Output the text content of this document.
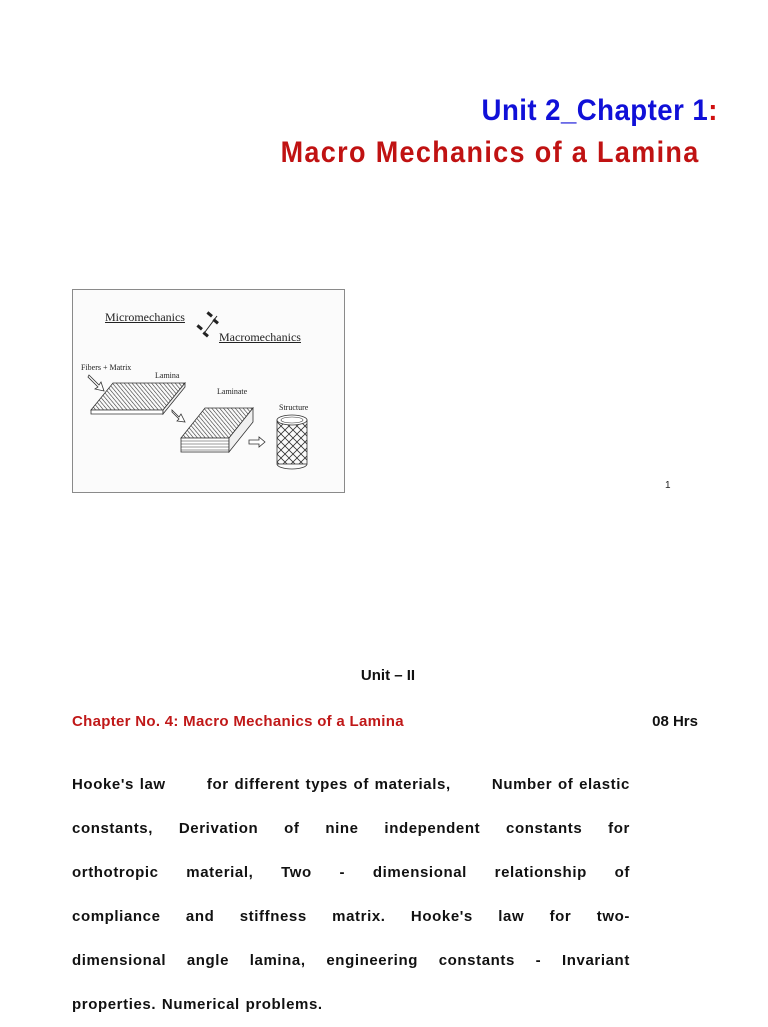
Unit 2_Chapter 1:
Macro Mechanics of a Lamina
Micromechanics
Macromechanics
Fibers + Matrix
Lamina
Laminate
Structure
1
Unit – II
Chapter No. 4: Macro Mechanics of a Lamina	08 Hrs
Hooke's law	for different types of materials,	Number of elastic
constants, Derivation of nine independent constants for
orthotropic material, Two - dimensional relationship of
compliance and stiffness matrix. Hooke's law for two-
dimensional angle lamina, engineering constants - Invariant
properties. Numerical problems.
